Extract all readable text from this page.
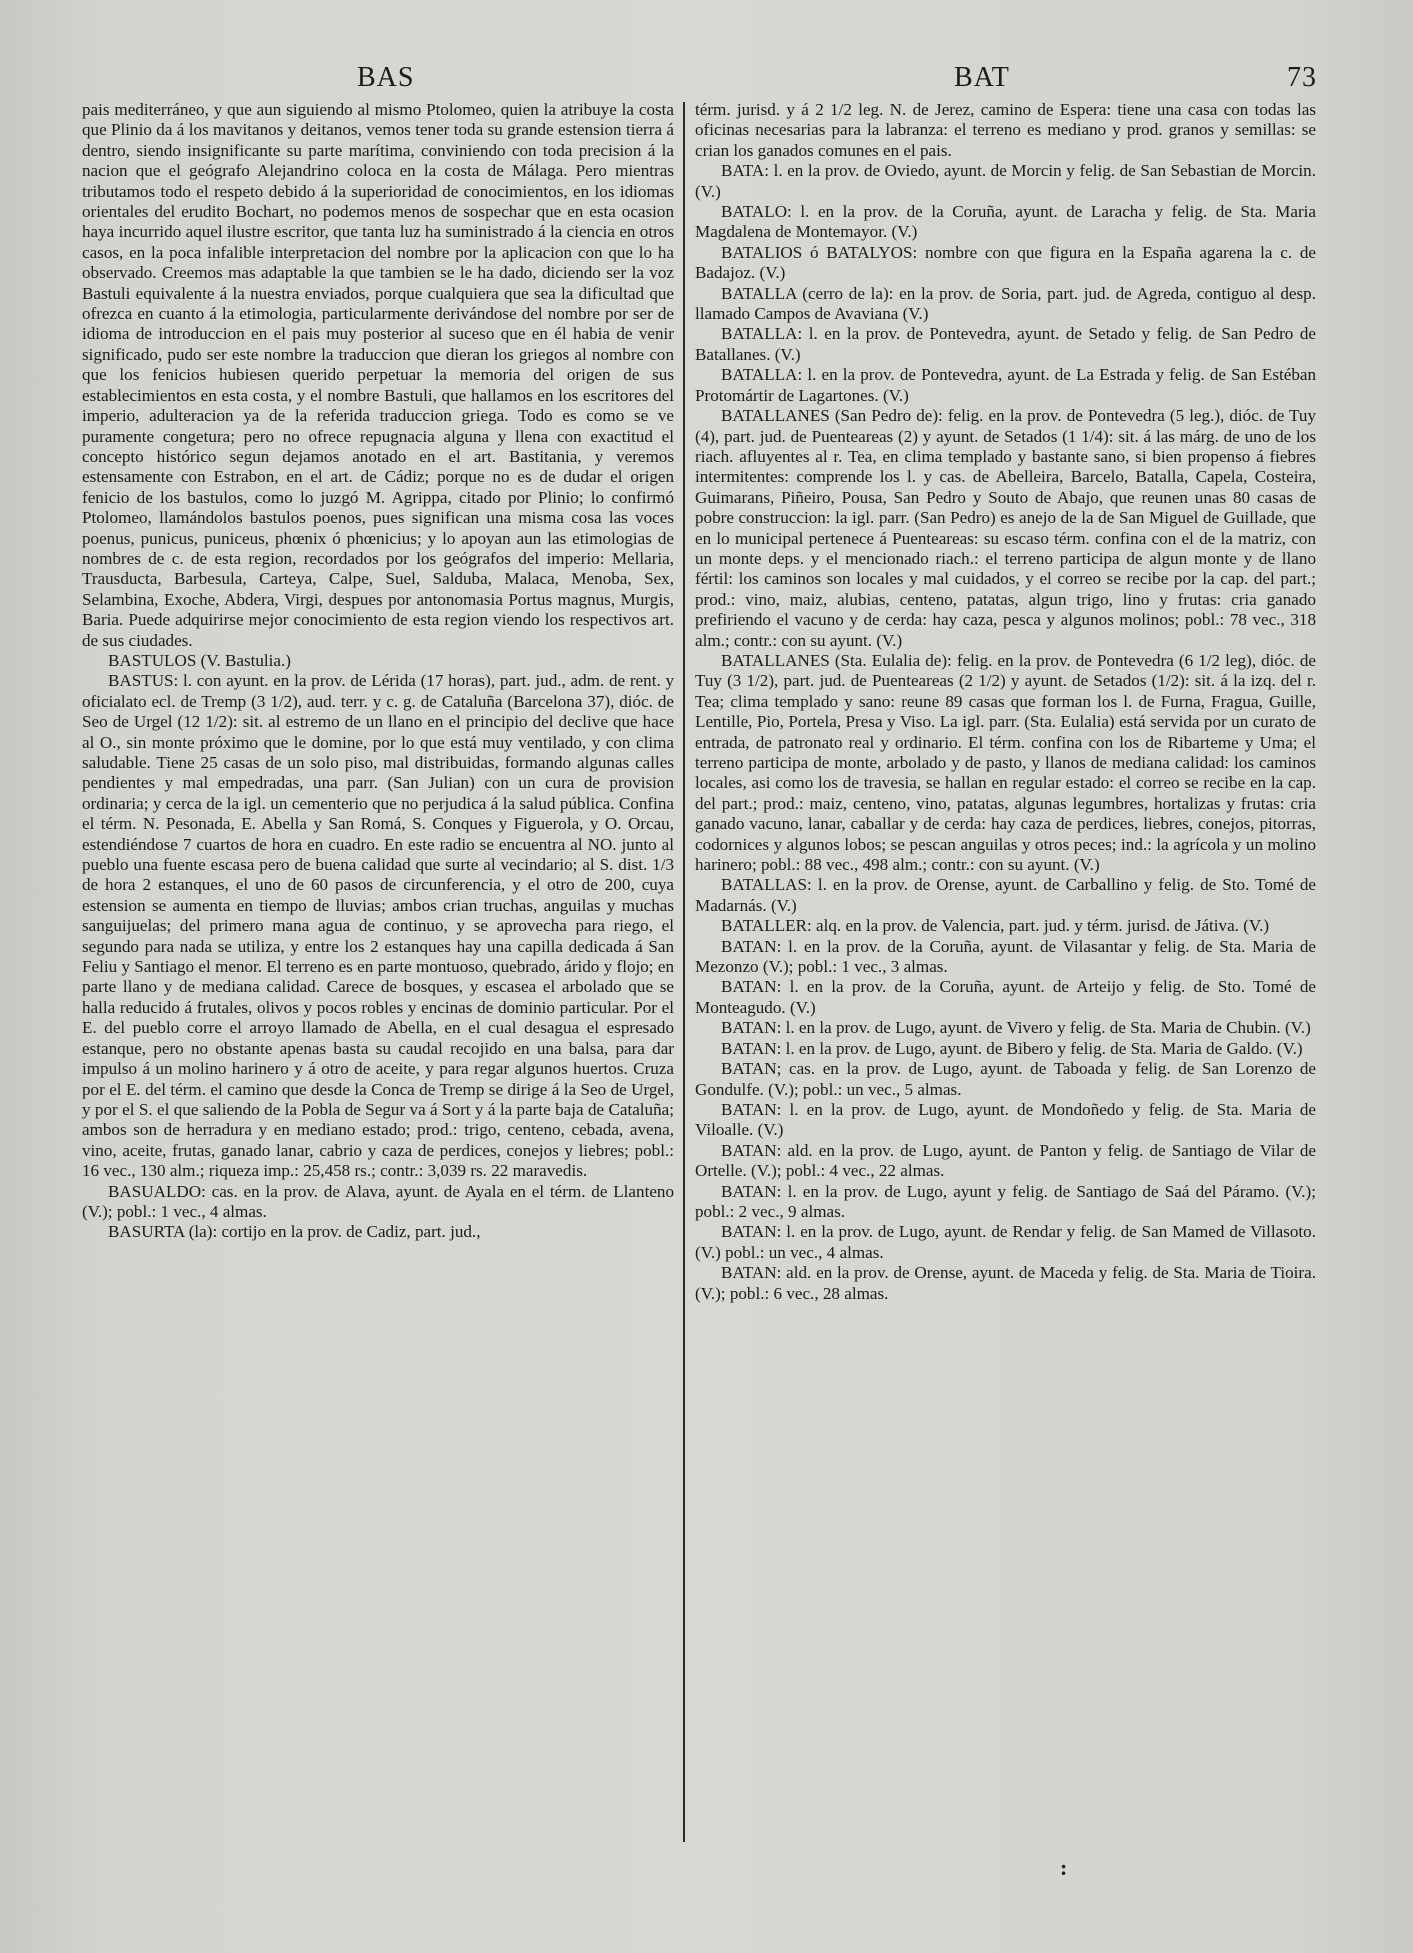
BAS	BAT	73

pais mediterráneo, y que aun siguiendo al mismo Ptolomeo, quien la atribuye la costa que Plinio da á los mavitanos y deitanos, vemos tener toda su grande estension tierra á dentro, siendo insignificante su parte marítima, conviniendo con toda precision á la nacion que el geógrafo Alejandrino coloca en la costa de Málaga. Pero mientras tributamos todo el respeto debido á la superioridad de conocimientos, en los idiomas orientales del erudito Bochart, no podemos menos de sospechar que en esta ocasion haya incurrido aquel ilustre escritor, que tanta luz ha suministrado á la ciencia en otros casos, en la poca infalible interpretacion del nombre por la aplicacion con que lo ha observado. Creemos mas adaptable la que tambien se le ha dado, diciendo ser la voz Bastuli equivalente á la nuestra enviados, porque cualquiera que sea la dificultad que ofrezca en cuanto á la etimologia, particularmente derivándose del nombre por ser de idioma de introduccion en el pais muy posterior al suceso que en él habia de venir significado, pudo ser este nombre la traduccion que dieran los griegos al nombre con que los fenicios hubiesen querido perpetuar la memoria del origen de sus establecimientos en esta costa, y el nombre Bastuli, que hallamos en los escritores del imperio, adulteracion ya de la referida traduccion griega. Todo es como se ve puramente congetura; pero no ofrece repugnacia alguna y llena con exactitud el concepto histórico segun dejamos anotado en el art. Bastitania, y veremos estensamente con Estrabon, en el art. de Cádiz; porque no es de dudar el origen fenicio de los bastulos, como lo juzgó M. Agrippa, citado por Plinio; lo confirmó Ptolomeo, llamándolos bastulos poenos, pues significan una misma cosa las voces poenus, punicus, puniceus, phœnix ó phœnicius; y lo apoyan aun las etimologias de nombres de c. de esta region, recordados por los geógrafos del imperio: Mellaria, Trausducta, Barbesula, Carteya, Calpe, Suel, Salduba, Malaca, Menoba, Sex, Selambina, Exoche, Abdera, Virgi, despues por antonomasia Portus magnus, Murgis, Baria. Puede adquirirse mejor conocimiento de esta region viendo los respectivos art. de sus ciudades.

BASTULOS (V. Bastulia.)

BASTUS: l. con ayunt. en la prov. de Lérida (17 horas), part. jud., adm. de rent. y oficialato ecl. de Tremp (3 1/2), aud. terr. y c. g. de Cataluña (Barcelona 37), dióc. de Seo de Urgel (12 1/2): sit. al estremo de un llano en el principio del declive que hace al O., sin monte próximo que le domine, por lo que está muy ventilado, y con clima saludable. Tiene 25 casas de un solo piso, mal distribuidas, formando algunas calles pendientes y mal empedradas, una parr. (San Julian) con un cura de provision ordinaria; y cerca de la igl. un cementerio que no perjudica á la salud pública. Confina el térm. N. Pesonada, E. Abella y San Romá, S. Conques y Figuerola, y O. Orcau, estendiéndose 7 cuartos de hora en cuadro. En este radio se encuentra al NO. junto al pueblo una fuente escasa pero de buena calidad que surte al vecindario; al S. dist. 1/3 de hora 2 estanques, el uno de 60 pasos de circunferencia, y el otro de 200, cuya estension se aumenta en tiempo de lluvias; ambos crian truchas, anguilas y muchas sanguijuelas; del primero mana agua de continuo, y se aprovecha para riego, el segundo para nada se utiliza, y entre los 2 estanques hay una capilla dedicada á San Feliu y Santiago el menor. El terreno es en parte montuoso, quebrado, árido y flojo; en parte llano y de mediana calidad. Carece de bosques, y escasea el arbolado que se halla reducido á frutales, olivos y pocos robles y encinas de dominio particular. Por el E. del pueblo corre el arroyo llamado de Abella, en el cual desagua el espresado estanque, pero no obstante apenas basta su caudal recojido en una balsa, para dar impulso á un molino harinero y á otro de aceite, y para regar algunos huertos. Cruza por el E. del térm. el camino que desde la Conca de Tremp se dirige á la Seo de Urgel, y por el S. el que saliendo de la Pobla de Segur va á Sort y á la parte baja de Cataluña; ambos son de herradura y en mediano estado; prod.: trigo, centeno, cebada, avena, vino, aceite, frutas, ganado lanar, cabrio y caza de perdices, conejos y liebres; pobl.: 16 vec., 130 alm.; riqueza imp.: 25,458 rs.; contr.: 3,039 rs. 22 maravedis.

BASUALDO: cas. en la prov. de Alava, ayunt. de Ayala en el térm. de Llanteno (V.); pobl.: 1 vec., 4 almas.

BASURTA (la): cortijo en la prov. de Cadiz, part. jud.,

térm. jurisd. y á 2 1/2 leg. N. de Jerez, camino de Espera: tiene una casa con todas las oficinas necesarias para la labranza: el terreno es mediano y prod. granos y semillas: se crian los ganados comunes en el pais.

BATA: l. en la prov. de Oviedo, ayunt. de Morcin y felig. de San Sebastian de Morcin. (V.)

BATALO: l. en la prov. de la Coruña, ayunt. de Laracha y felig. de Sta. Maria Magdalena de Montemayor. (V.)

BATALIOS ó BATALYOS: nombre con que figura en la España agarena la c. de Badajoz. (V.)

BATALLA (cerro de la): en la prov. de Soria, part. jud. de Agreda, contiguo al desp. llamado Campos de Avaviana (V.)

BATALLA: l. en la prov. de Pontevedra, ayunt. de Setado y felig. de San Pedro de Batallanes. (V.)

BATALLA: l. en la prov. de Pontevedra, ayunt. de La Estrada y felig. de San Estéban Protomártir de Lagartones. (V.)

BATALLANES (San Pedro de): felig. en la prov. de Pontevedra (5 leg.), dióc. de Tuy (4), part. jud. de Puenteareas (2) y ayunt. de Setados (1 1/4): sit. á las márg. de uno de los riach. afluyentes al r. Tea, en clima templado y bastante sano, si bien propenso á fiebres intermitentes: comprende los l. y cas. de Abelleira, Barcelo, Batalla, Capela, Costeira, Guimarans, Piñeiro, Pousa, San Pedro y Souto de Abajo, que reunen unas 80 casas de pobre construccion: la igl. parr. (San Pedro) es anejo de la de San Miguel de Guillade, que en lo municipal pertenece á Puenteareas: su escaso térm. confina con el de la matriz, con un monte deps. y el mencionado riach.: el terreno participa de algun monte y de llano fértil: los caminos son locales y mal cuidados, y el correo se recibe por la cap. del part.; prod.: vino, maiz, alubias, centeno, patatas, algun trigo, lino y frutas: cria ganado prefiriendo el vacuno y de cerda: hay caza, pesca y algunos molinos; pobl.: 78 vec., 318 alm.; contr.: con su ayunt. (V.)

BATALLANES (Sta. Eulalia de): felig. en la prov. de Pontevedra (6 1/2 leg), dióc. de Tuy (3 1/2), part. jud. de Puenteareas (2 1/2) y ayunt. de Setados (1/2): sit. á la izq. del r. Tea; clima templado y sano: reune 89 casas que forman los l. de Furna, Fragua, Guille, Lentille, Pio, Portela, Presa y Viso. La igl. parr. (Sta. Eulalia) está servida por un curato de entrada, de patronato real y ordinario. El térm. confina con los de Ribarteme y Uma; el terreno participa de monte, arbolado y de pasto, y llanos de mediana calidad: los caminos locales, asi como los de travesia, se hallan en regular estado: el correo se recibe en la cap. del part.; prod.: maiz, centeno, vino, patatas, algunas legumbres, hortalizas y frutas: cria ganado vacuno, lanar, caballar y de cerda: hay caza de perdices, liebres, conejos, pitorras, codornices y algunos lobos; se pescan anguilas y otros peces; ind.: la agrícola y un molino harinero; pobl.: 88 vec., 498 alm.; contr.: con su ayunt. (V.)

BATALLAS: l. en la prov. de Orense, ayunt. de Carballino y felig. de Sto. Tomé de Madarnás. (V.)

BATALLER: alq. en la prov. de Valencia, part. jud. y térm. jurisd. de Játiva. (V.)

BATAN: l. en la prov. de la Coruña, ayunt. de Vilasantar y felig. de Sta. Maria de Mezonzo (V.); pobl.: 1 vec., 3 almas.

BATAN: l. en la prov. de la Coruña, ayunt. de Arteijo y felig. de Sto. Tomé de Monteagudo. (V.)

BATAN: l. en la prov. de Lugo, ayunt. de Vivero y felig. de Sta. Maria de Chubin. (V.)

BATAN: l. en la prov. de Lugo, ayunt. de Bibero y felig. de Sta. Maria de Galdo. (V.)

BATAN; cas. en la prov. de Lugo, ayunt. de Taboada y felig. de San Lorenzo de Gondulfe. (V.); pobl.: un vec., 5 almas.

BATAN: l. en la prov. de Lugo, ayunt. de Mondoñedo y felig. de Sta. Maria de Viloalle. (V.)

BATAN: ald. en la prov. de Lugo, ayunt. de Panton y felig. de Santiago de Vilar de Ortelle. (V.); pobl.: 4 vec., 22 almas.

BATAN: l. en la prov. de Lugo, ayunt y felig. de Santiago de Saá del Páramo. (V.); pobl.: 2 vec., 9 almas.

BATAN: l. en la prov. de Lugo, ayunt. de Rendar y felig. de San Mamed de Villasoto. (V.) pobl.: un vec., 4 almas.

BATAN: ald. en la prov. de Orense, ayunt. de Maceda y felig. de Sta. Maria de Tioira. (V.); pobl.: 6 vec., 28 almas.

:
